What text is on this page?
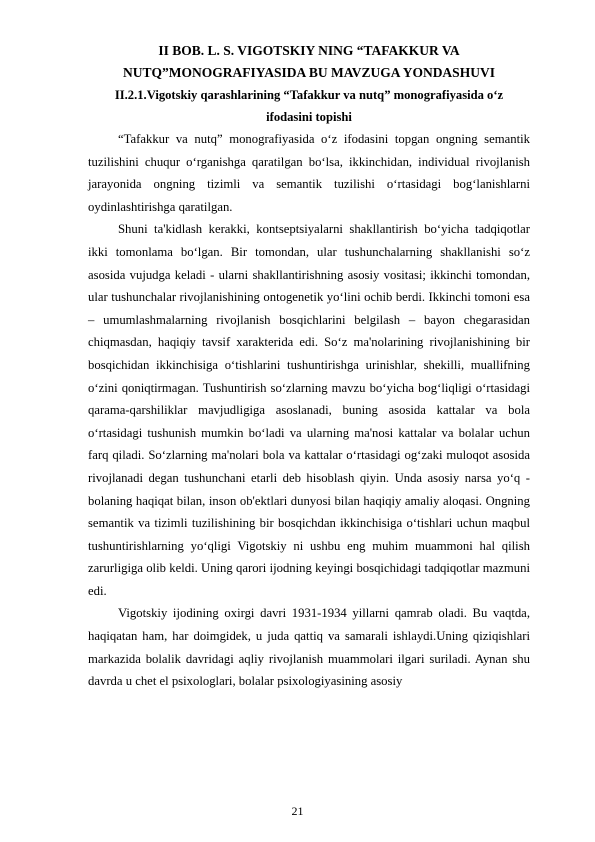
II BOB. L. S. VIGOTSKIY NING “TAFAKKUR VA

NUTQ”MONOGRAFIYASIDA BU MAVZUGA YONDASHUVI

II.2.1.Vigotskiy qarashlarining “Tafakkur va nutq” monografiyasida o‘z

ifodasini topishi

“Tafakkur va nutq” monografiyasida o‘z ifodasini topgan ongning semantik tuzilishini chuqur o‘rganishga qaratilgan bo‘lsa, ikkinchidan, individual rivojlanish jarayonida ongning tizimli va semantik tuzilishi o‘rtasidagi bog‘lanishlarni oydinlashtirishga qaratilgan.

Shuni ta'kidlash kerakki, kontseptsiyalarni shakllantirish bo‘yicha tadqiqotlar ikki tomonlama bo‘lgan. Bir tomondan, ular tushunchalarning shakllanishi so‘z asosida vujudga keladi - ularni shakllantirishning asosiy vositasi; ikkinchi tomondan, ular tushunchalar rivojlanishining ontogenetik yo‘lini ochib berdi. Ikkinchi tomoni esa – umumlashmalarning rivojlanish bosqichlarini belgilash – bayon chegarasidan chiqmasdan, haqiqiy tavsif xarakterida edi. So‘z ma'nolarining rivojlanishining bir bosqichidan ikkinchisiga o‘tishlarini tushuntirishga urinishlar, shekilli, muallifning o‘zini qoniqtirmagan. Tushuntirish so‘zlarning mavzu bo‘yicha bog‘liqligi o‘rtasidagi qarama-qarshiliklar mavjudligiga asoslanadi, buning asosida kattalar va bola o‘rtasidagi tushunish mumkin bo‘ladi va ularning ma'nosi kattalar va bolalar uchun farq qiladi. So‘zlarning ma'nolari bola va kattalar o‘rtasidagi og‘zaki muloqot asosida rivojlanadi degan tushunchani etarli deb hisoblash qiyin. Unda asosiy narsa yo‘q - bolaning haqiqat bilan, inson ob'ektlari dunyosi bilan haqiqiy amaliy aloqasi. Ongning semantik va tizimli tuzilishining bir bosqichdan ikkinchisiga o‘tishlari uchun maqbul tushuntirishlarning yo‘qligi Vigotskiy ni ushbu eng muhim muammoni hal qilish zarurligiga olib keldi. Uning qarori ijodning keyingi bosqichidagi tadqiqotlar mazmuni edi.

Vigotskiy ijodining oxirgi davri 1931-1934 yillarni qamrab oladi. Bu vaqtda, haqiqatan ham, har doimgidek, u juda qattiq va samarali ishlaydi.Uning qiziqishlari markazida bolalik davridagi aqliy rivojlanish muammolari ilgari suriladi. Aynan shu davrda u chet el psixologlari, bolalar psixologiyasining asosiy

21
